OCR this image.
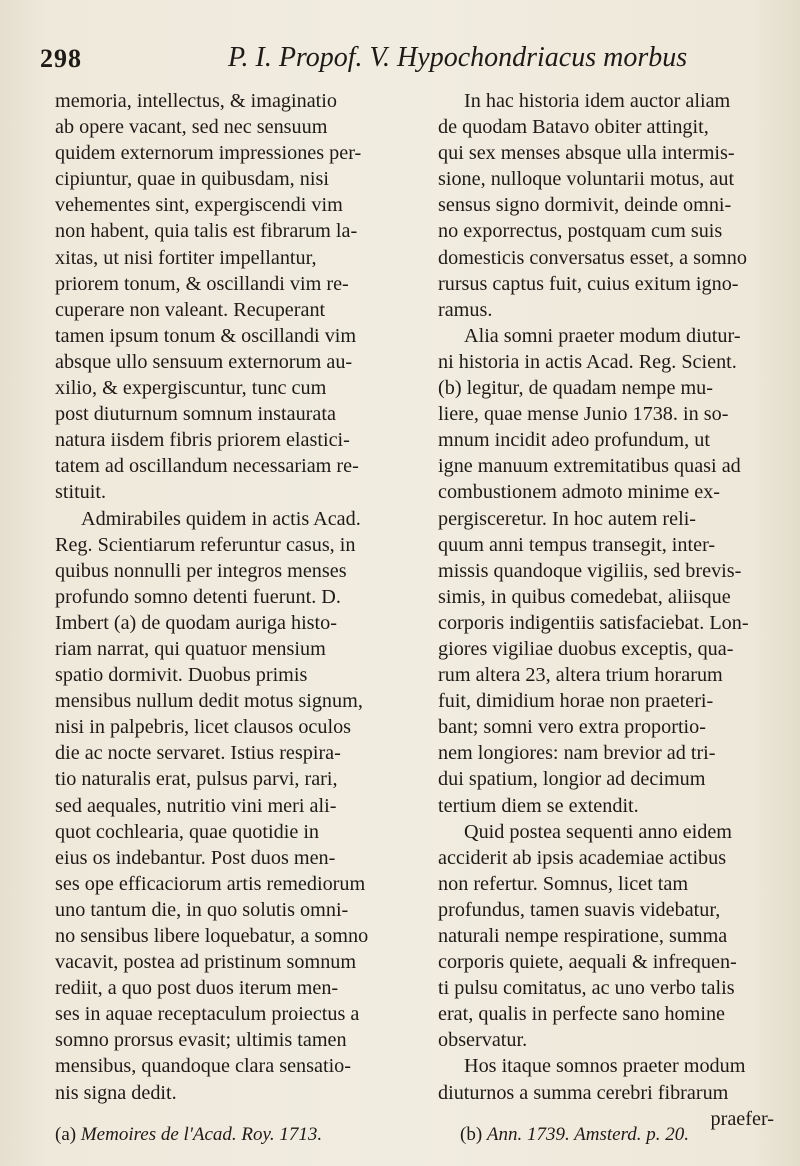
298	P. I. Propof. V. Hypochondriacus morbus
memoria, intellectus, & imaginatio
ab opere vacant, sed nec sensuum
quidem externorum impressiones per-
cipiuntur, quae in quibusdam, nisi
vehementes sint, expergiscendi vim
non habent, quia talis est fibrarum la-
xitas, ut nisi fortiter impellantur,
priorem tonum, & oscillandi vim re-
cuperare non valeant. Recuperant
tamen ipsum tonum & oscillandi vim
absque ullo sensuum externorum au-
xilio, & expergiscuntur, tunc cum
post diuturnum somnum instaurata
natura iisdem fibris priorem elastici-
tatem ad oscillandum necessariam re-
stituit.
Admirabiles quidem in actis Acad.
Reg. Scientiarum referuntur casus, in
quibus nonnulli per integros menses
profundo somno detenti fuerunt. D.
Imbert (a) de quodam auriga histo-
riam narrat, qui quatuor mensium
spatio dormivit. Duobus primis
mensibus nullum dedit motus signum,
nisi in palpebris, licet clausos oculos
die ac nocte servaret. Istius respira-
tio naturalis erat, pulsus parvi, rari,
sed aequales, nutritio vini meri ali-
quot cochlearia, quae quotidie in
eius os indebantur. Post duos men-
ses ope efficaciorum artis remediorum
uno tantum die, in quo solutis omni-
no sensibus libere loquebatur, a somno
vacavit, postea ad pristinum somnum
rediit, a quo post duos iterum men-
ses in aquae receptaculum proiectus a
somno prorsus evasit; ultimis tamen
mensibus, quandoque clara sensatio-
nis signa dedit.
In hac historia idem auctor aliam
de quodam Batavo obiter attingit,
qui sex menses absque ulla intermis-
sione, nulloque voluntarii motus, aut
sensus signo dormivit, deinde omni-
no exporrectus, postquam cum suis
domesticis conversatus esset, a somno
rursus captus fuit, cuius exitum igno-
ramus.
Alia somni praeter modum diutur-
ni historia in actis Acad. Reg. Scient.
(b) legitur, de quadam nempe mu-
liere, quae mense Junio 1738. in so-
mnum incidit adeo profundum, ut
igne manuum extremitatibus quasi ad
combustionem admoto minime ex-
pergisceretur. In hoc autem reli-
quum anni tempus transegit, inter-
missis quandoque vigiliis, sed brevis-
simis, in quibus comedebat, aliisque
corporis indigentiis satisfaciebat. Lon-
giores vigiliae duobus exceptis, qua-
rum altera 23, altera trium horarum
fuit, dimidium horae non praeteri-
bant; somni vero extra proportio-
nem longiores: nam brevior ad tri-
dui spatium, longior ad decimum
tertium diem se extendit.
Quid postea sequenti anno eidem
acciderit ab ipsis academiae actibus
non refertur. Somnus, licet tam
profundus, tamen suavis videbatur,
naturali nempe respiratione, summa
corporis quiete, aequali & infrequen-
ti pulsu comitatus, ac uno verbo talis
erat, qualis in perfecte sano homine
observatur.
Hos itaque somnos praeter modum
diuturnos a summa cerebri fibrarum
praefer-
(a) Memoires de l'Acad. Roy. 1713.	(b) Ann. 1739. Amsterd. p. 20.
